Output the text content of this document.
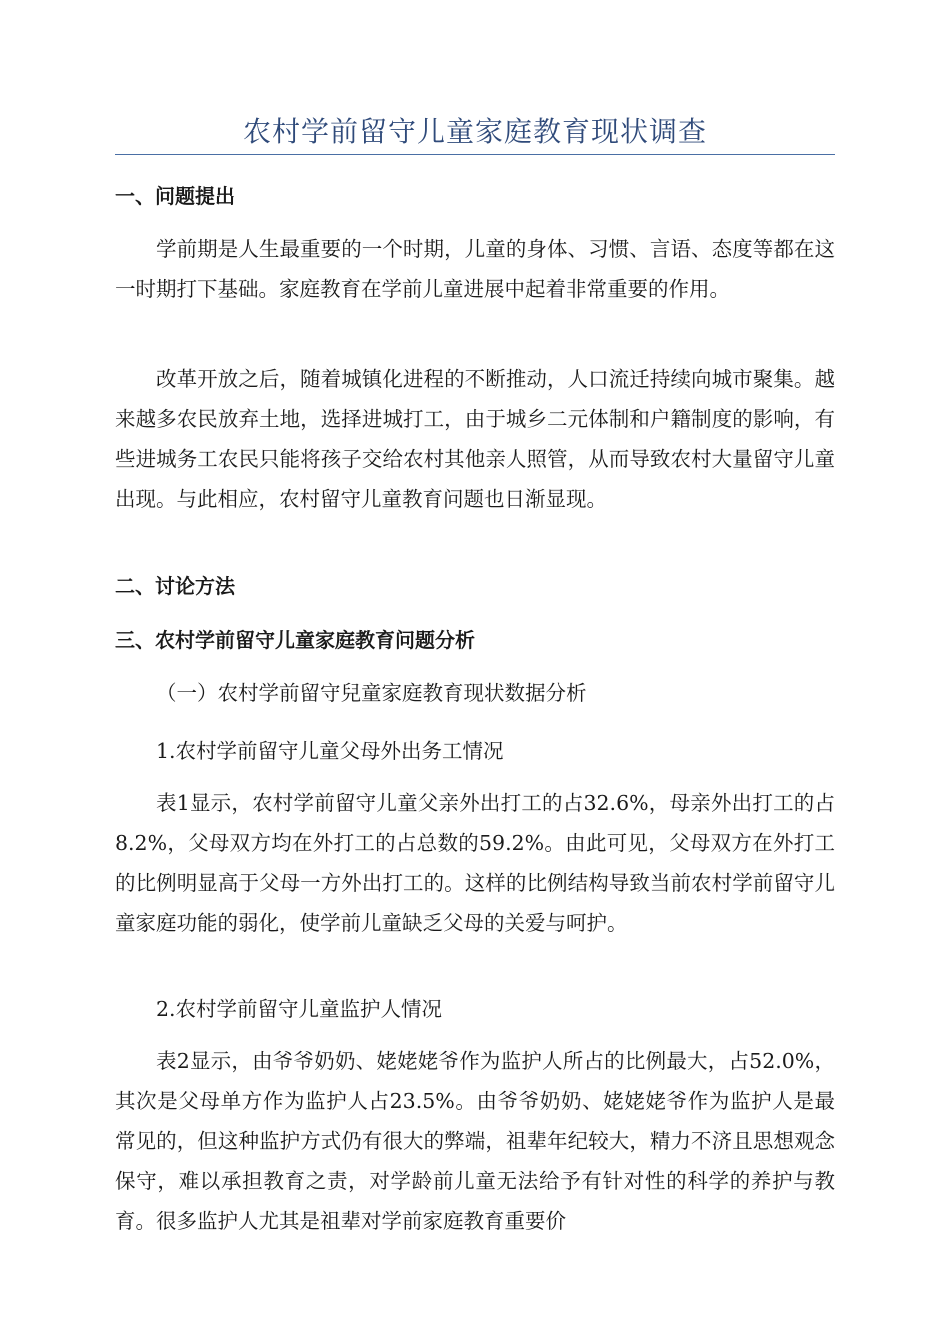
农村学前留守儿童家庭教育现状调查
一、问题提出
学前期是人生最重要的一个时期，儿童的身体、习惯、言语、态度等都在这一时期打下基础。家庭教育在学前儿童进展中起着非常重要的作用。
改革开放之后，随着城镇化进程的不断推动，人口流迁持续向城市聚集。越来越多农民放弃土地，选择进城打工，由于城乡二元体制和户籍制度的影响，有些进城务工农民只能将孩子交给农村其他亲人照管，从而导致农村大量留守儿童出现。与此相应，农村留守儿童教育问题也日渐显现。
二、讨论方法
三、农村学前留守儿童家庭教育问题分析
（一）农村学前留守兒童家庭教育现状数据分析
1.农村学前留守儿童父母外出务工情况
表1显示，农村学前留守儿童父亲外出打工的占32.6%，母亲外出打工的占8.2%，父母双方均在外打工的占总数的59.2%。由此可见，父母双方在外打工的比例明显高于父母一方外出打工的。这样的比例结构导致当前农村学前留守儿童家庭功能的弱化，使学前儿童缺乏父母的关爱与呵护。
2.农村学前留守儿童监护人情况
表2显示，由爷爷奶奶、姥姥姥爷作为监护人所占的比例最大，占52.0%，其次是父母单方作为监护人占23.5%。由爷爷奶奶、姥姥姥爷作为监护人是最常见的，但这种监护方式仍有很大的弊端，祖辈年纪较大，精力不济且思想观念保守，难以承担教育之责，对学龄前儿童无法给予有针对性的科学的养护与教育。很多监护人尤其是祖辈对学前家庭教育重要价
